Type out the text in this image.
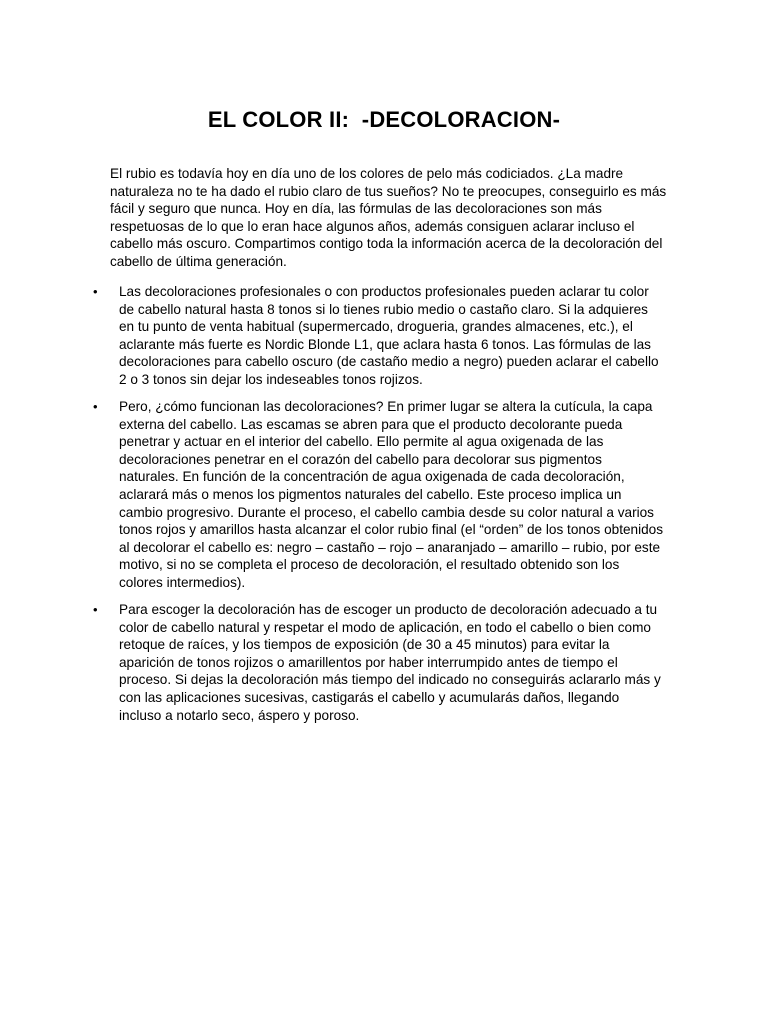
EL COLOR II:  -DECOLORACION-

El rubio es todavía hoy en día uno de los colores de pelo más codiciados. ¿La madre naturaleza no te ha dado el rubio claro de tus sueños? No te preocupes, conseguirlo es más fácil y seguro que nunca. Hoy en día, las fórmulas de las decoloraciones son más respetuosas de lo que lo eran hace algunos años, además consiguen aclarar incluso el cabello más oscuro. Compartimos contigo toda la información acerca de la decoloración del cabello de última generación.

• Las decoloraciones profesionales o con productos profesionales pueden aclarar tu color de cabello natural hasta 8 tonos si lo tienes rubio medio o castaño claro. Si la adquieres en tu punto de venta habitual (supermercado, drogueria, grandes almacenes, etc.), el aclarante más fuerte es Nordic Blonde L1, que aclara hasta 6 tonos. Las fórmulas de las decoloraciones para cabello oscuro (de castaño medio a negro) pueden aclarar el cabello 2 o 3 tonos sin dejar los indeseables tonos rojizos.

• Pero, ¿cómo funcionan las decoloraciones? En primer lugar se altera la cutícula, la capa externa del cabello. Las escamas se abren para que el producto decolorante pueda penetrar y actuar en el interior del cabello. Ello permite al agua oxigenada de las decoloraciones penetrar en el corazón del cabello para decolorar sus pigmentos naturales. En función de la concentración de agua oxigenada de cada decoloración, aclarará más o menos los pigmentos naturales del cabello. Este proceso implica un cambio progresivo. Durante el proceso, el cabello cambia desde su color natural a varios tonos rojos y amarillos hasta alcanzar el color rubio final (el “orden” de los tonos obtenidos al decolorar el cabello es: negro – castaño – rojo – anaranjado – amarillo – rubio, por este motivo, si no se completa el proceso de decoloración, el resultado obtenido son los colores intermedios).

• Para escoger la decoloración has de escoger un producto de decoloración adecuado a tu color de cabello natural y respetar el modo de aplicación, en todo el cabello o bien como retoque de raíces, y los tiempos de exposición (de 30 a 45 minutos) para evitar la aparición de tonos rojizos o amarillentos por haber interrumpido antes de tiempo el proceso. Si dejas la decoloración más tiempo del indicado no conseguirás aclararlo más y con las aplicaciones sucesivas, castigarás el cabello y acumularás daños, llegando incluso a notarlo seco, áspero y poroso.
